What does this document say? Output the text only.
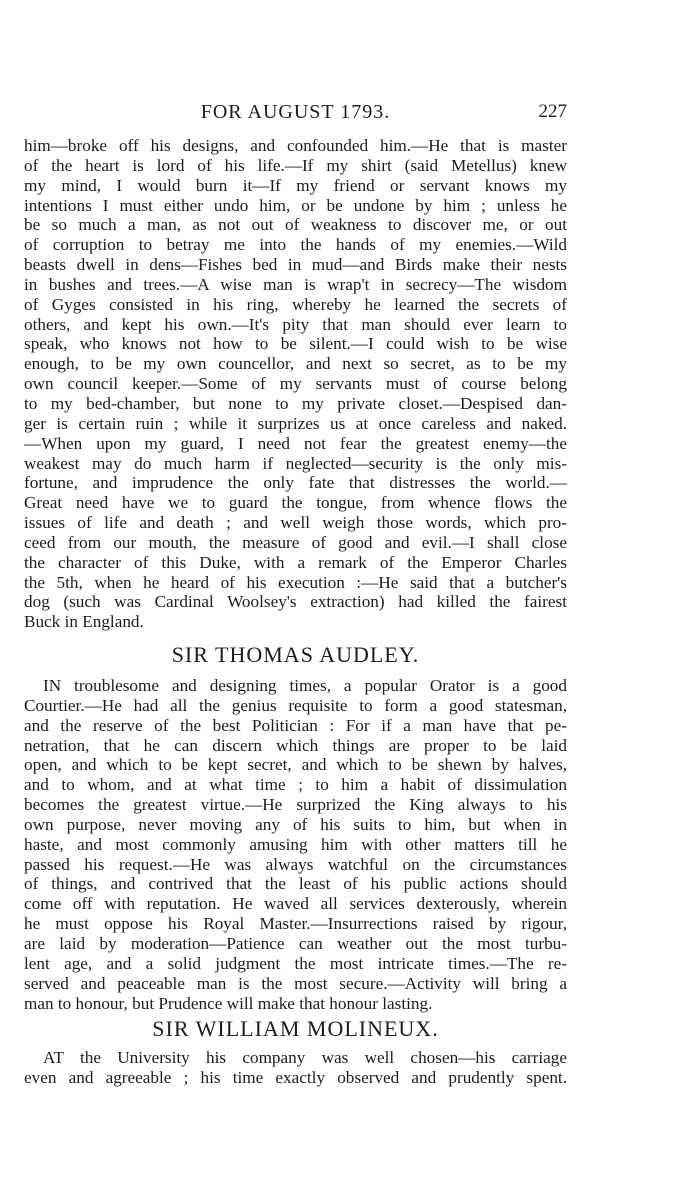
FOR AUGUST 1793.	227
him—broke off his designs, and confounded him.—He that is master
of the heart is lord of his life.—If my shirt (said Metellus) knew
my mind, I would burn it—If my friend or servant knows my
intentions I must either undo him, or be undone by him ; unless he
be so much a man, as not out of weakness to discover me, or out
of corruption to betray me into the hands of my enemies.—Wild
beasts dwell in dens—Fishes bed in mud—and Birds make their nests
in bushes and trees.—A wise man is wrap't in secrecy—The wisdom
of Gyges consisted in his ring, whereby he learned the secrets of
others, and kept his own.—It's pity that man should ever learn to
speak, who knows not how to be silent.—I could wish to be wise
enough, to be my own councellor, and next so secret, as to be my
own council keeper.—Some of my servants must of course belong
to my bed-chamber, but none to my private closet.—Despised dan-
ger is certain ruin ; while it surprizes us at once careless and naked.
—When upon my guard, I need not fear the greatest enemy—the
weakest may do much harm if neglected—security is the only mis-
fortune, and imprudence the only fate that distresses the world.—
Great need have we to guard the tongue, from whence flows the
issues of life and death ; and well weigh those words, which pro-
ceed from our mouth, the measure of good and evil.—I shall close
the character of this Duke, with a remark of the Emperor Charles
the 5th, when he heard of his execution :—He said that a butcher's
dog (such was Cardinal Woolsey's extraction) had killed the fairest
Buck in England.
SIR THOMAS AUDLEY.
IN troublesome and designing times, a popular Orator is a good
Courtier.—He had all the genius requisite to form a good statesman,
and the reserve of the best Politician : For if a man have that pe-
netration, that he can discern which things are proper to be laid
open, and which to be kept secret, and which to be shewn by halves,
and to whom, and at what time ; to him a habit of dissimulation
becomes the greatest virtue.—He surprized the King always to his
own purpose, never moving any of his suits to him, but when in
haste, and most commonly amusing him with other matters till he
passed his request.—He was always watchful on the circumstances
of things, and contrived that the least of his public actions should
come off with reputation. He waved all services dexterously, wherein
he must oppose his Royal Master.—Insurrections raised by rigour,
are laid by moderation—Patience can weather out the most turbu-
lent age, and a solid judgment the most intricate times.—The re-
served and peaceable man is the most secure.—Activity will bring a
man to honour, but Prudence will make that honour lasting.
SIR WILLIAM MOLINEUX.
AT the University his company was well chosen—his carriage
even and agreeable ; his time exactly observed and prudently spent.
